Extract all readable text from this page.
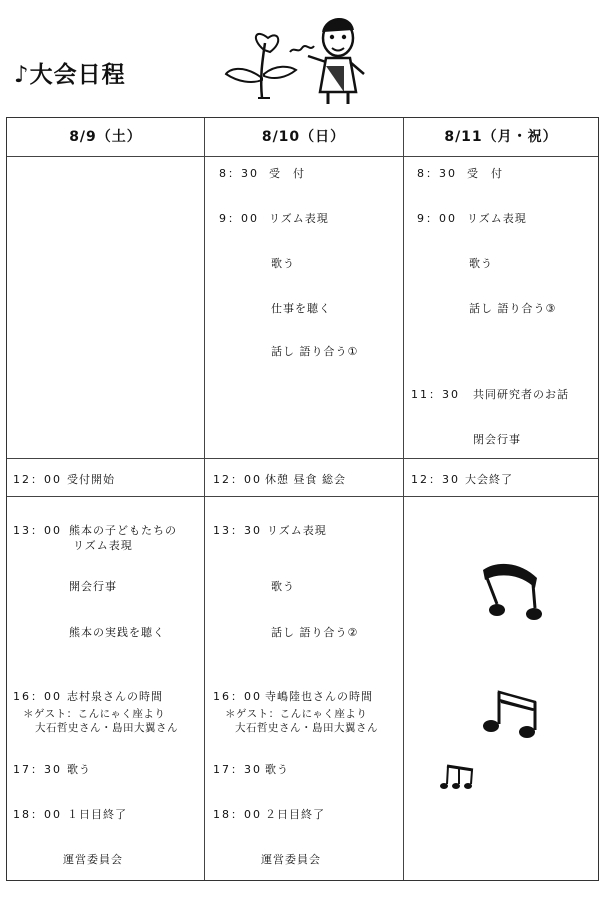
♪大会日程
8/9（土）	8/10（日）	8/11（月・祝）
12：00 受付開始
13：00 熊本の子どもたちの
リズム表現
開会行事
熊本の実践を聴く
16：00 志村泉さんの時間
＊ゲスト：こんにゃく座より
大石哲史さん・島田大翼さん
17：30 歌う
18：00 １日目終了
運営委員会
8：30 受　付
9：00 リズム表現
歌う
仕事を聴く
話し 語り合う①
12：00 休憩 昼食 総会
13：30 リズム表現
歌う
話し 語り合う②
16：00 寺嶋陸也さんの時間
＊ゲスト：こんにゃく座より
大石哲史さん・島田大翼さん
17：30 歌う
18：00 ２日目終了
運営委員会
8：30 受　付
9：00 リズム表現
歌う
話し 語り合う③
11：30 共同研究者のお話
閉会行事
12：30 大会終了
